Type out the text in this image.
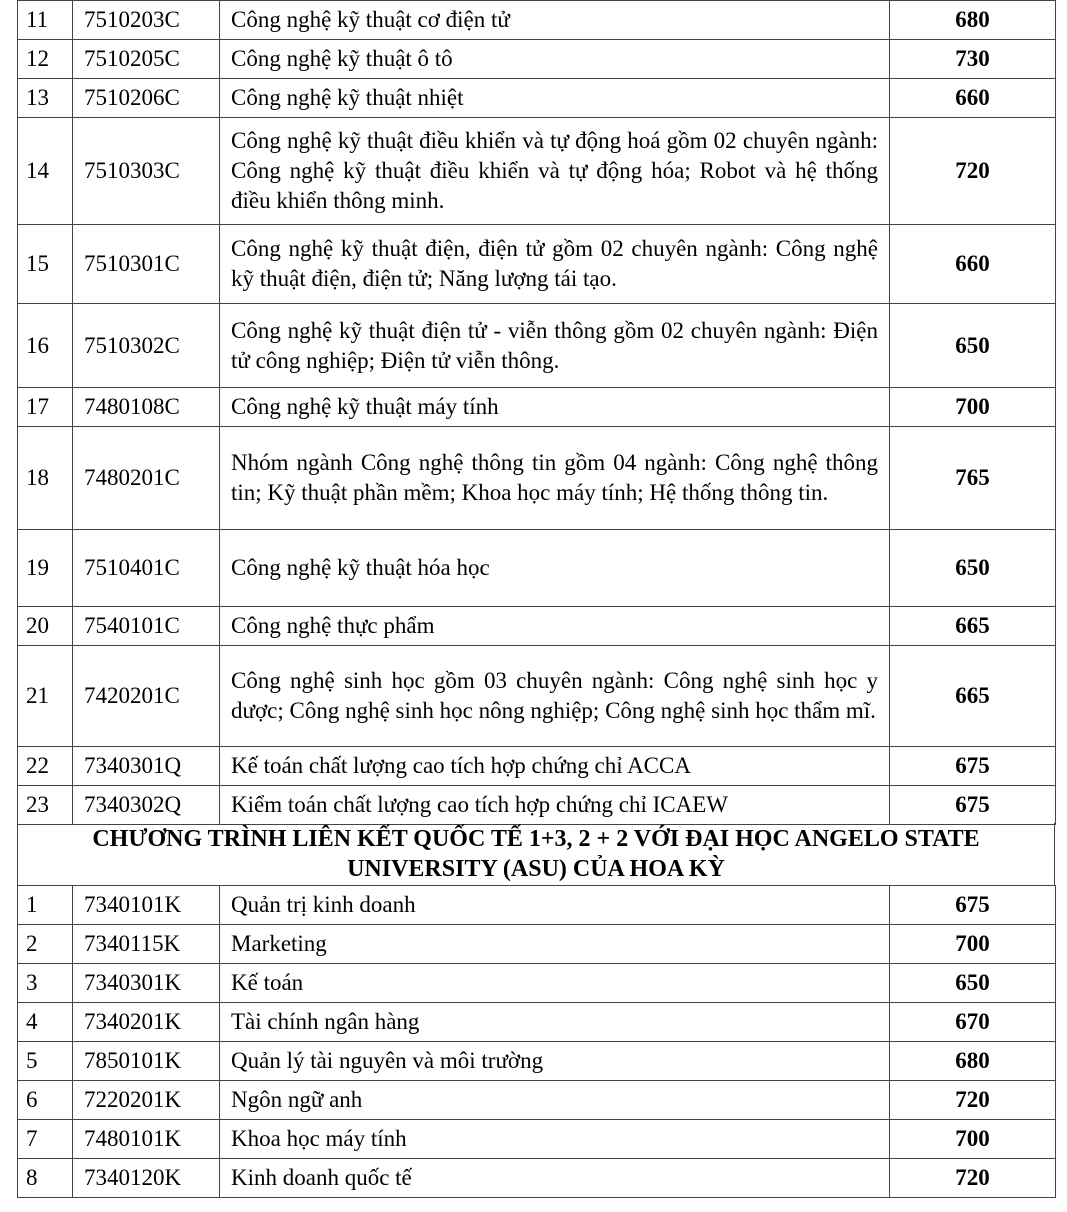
11	7510203C	Công nghệ kỹ thuật cơ điện tử	680
12	7510205C	Công nghệ kỹ thuật ô tô	730
13	7510206C	Công nghệ kỹ thuật nhiệt	660
14	7510303C	Công nghệ kỹ thuật điều khiển và tự động hoá gồm 02 chuyên ngành: Công nghệ kỹ thuật điều khiển và tự động hóa; Robot và hệ thống điều khiển thông minh.	720
15	7510301C	Công nghệ kỹ thuật điện, điện tử gồm 02 chuyên ngành: Công nghệ kỹ thuật điện, điện tử; Năng lượng tái tạo.	660
16	7510302C	Công nghệ kỹ thuật điện tử - viễn thông gồm 02 chuyên ngành: Điện tử công nghiệp; Điện tử viễn thông.	650
17	7480108C	Công nghệ kỹ thuật máy tính	700
18	7480201C	Nhóm ngành Công nghệ thông tin gồm 04 ngành: Công nghệ thông tin; Kỹ thuật phần mềm; Khoa học máy tính; Hệ thống thông tin.	765
19	7510401C	Công nghệ kỹ thuật hóa học	650
20	7540101C	Công nghệ thực phẩm	665
21	7420201C	Công nghệ sinh học gồm 03 chuyên ngành: Công nghệ sinh học y dược; Công nghệ sinh học nông nghiệp; Công nghệ sinh học thẩm mĩ.	665
22	7340301Q	Kế toán chất lượng cao tích hợp chứng chỉ ACCA	675
23	7340302Q	Kiểm toán chất lượng cao tích hợp chứng chỉ ICAEW	675
CHƯƠNG TRÌNH LIÊN KẾT QUỐC TẾ 1+3, 2 + 2 VỚI ĐẠI HỌC ANGELO STATE
UNIVERSITY (ASU) CỦA HOA KỲ
1	7340101K	Quản trị kinh doanh	675
2	7340115K	Marketing	700
3	7340301K	Kế toán	650
4	7340201K	Tài chính ngân hàng	670
5	7850101K	Quản lý tài nguyên và môi trường	680
6	7220201K	Ngôn ngữ anh	720
7	7480101K	Khoa học máy tính	700
8	7340120K	Kinh doanh quốc tế	720
